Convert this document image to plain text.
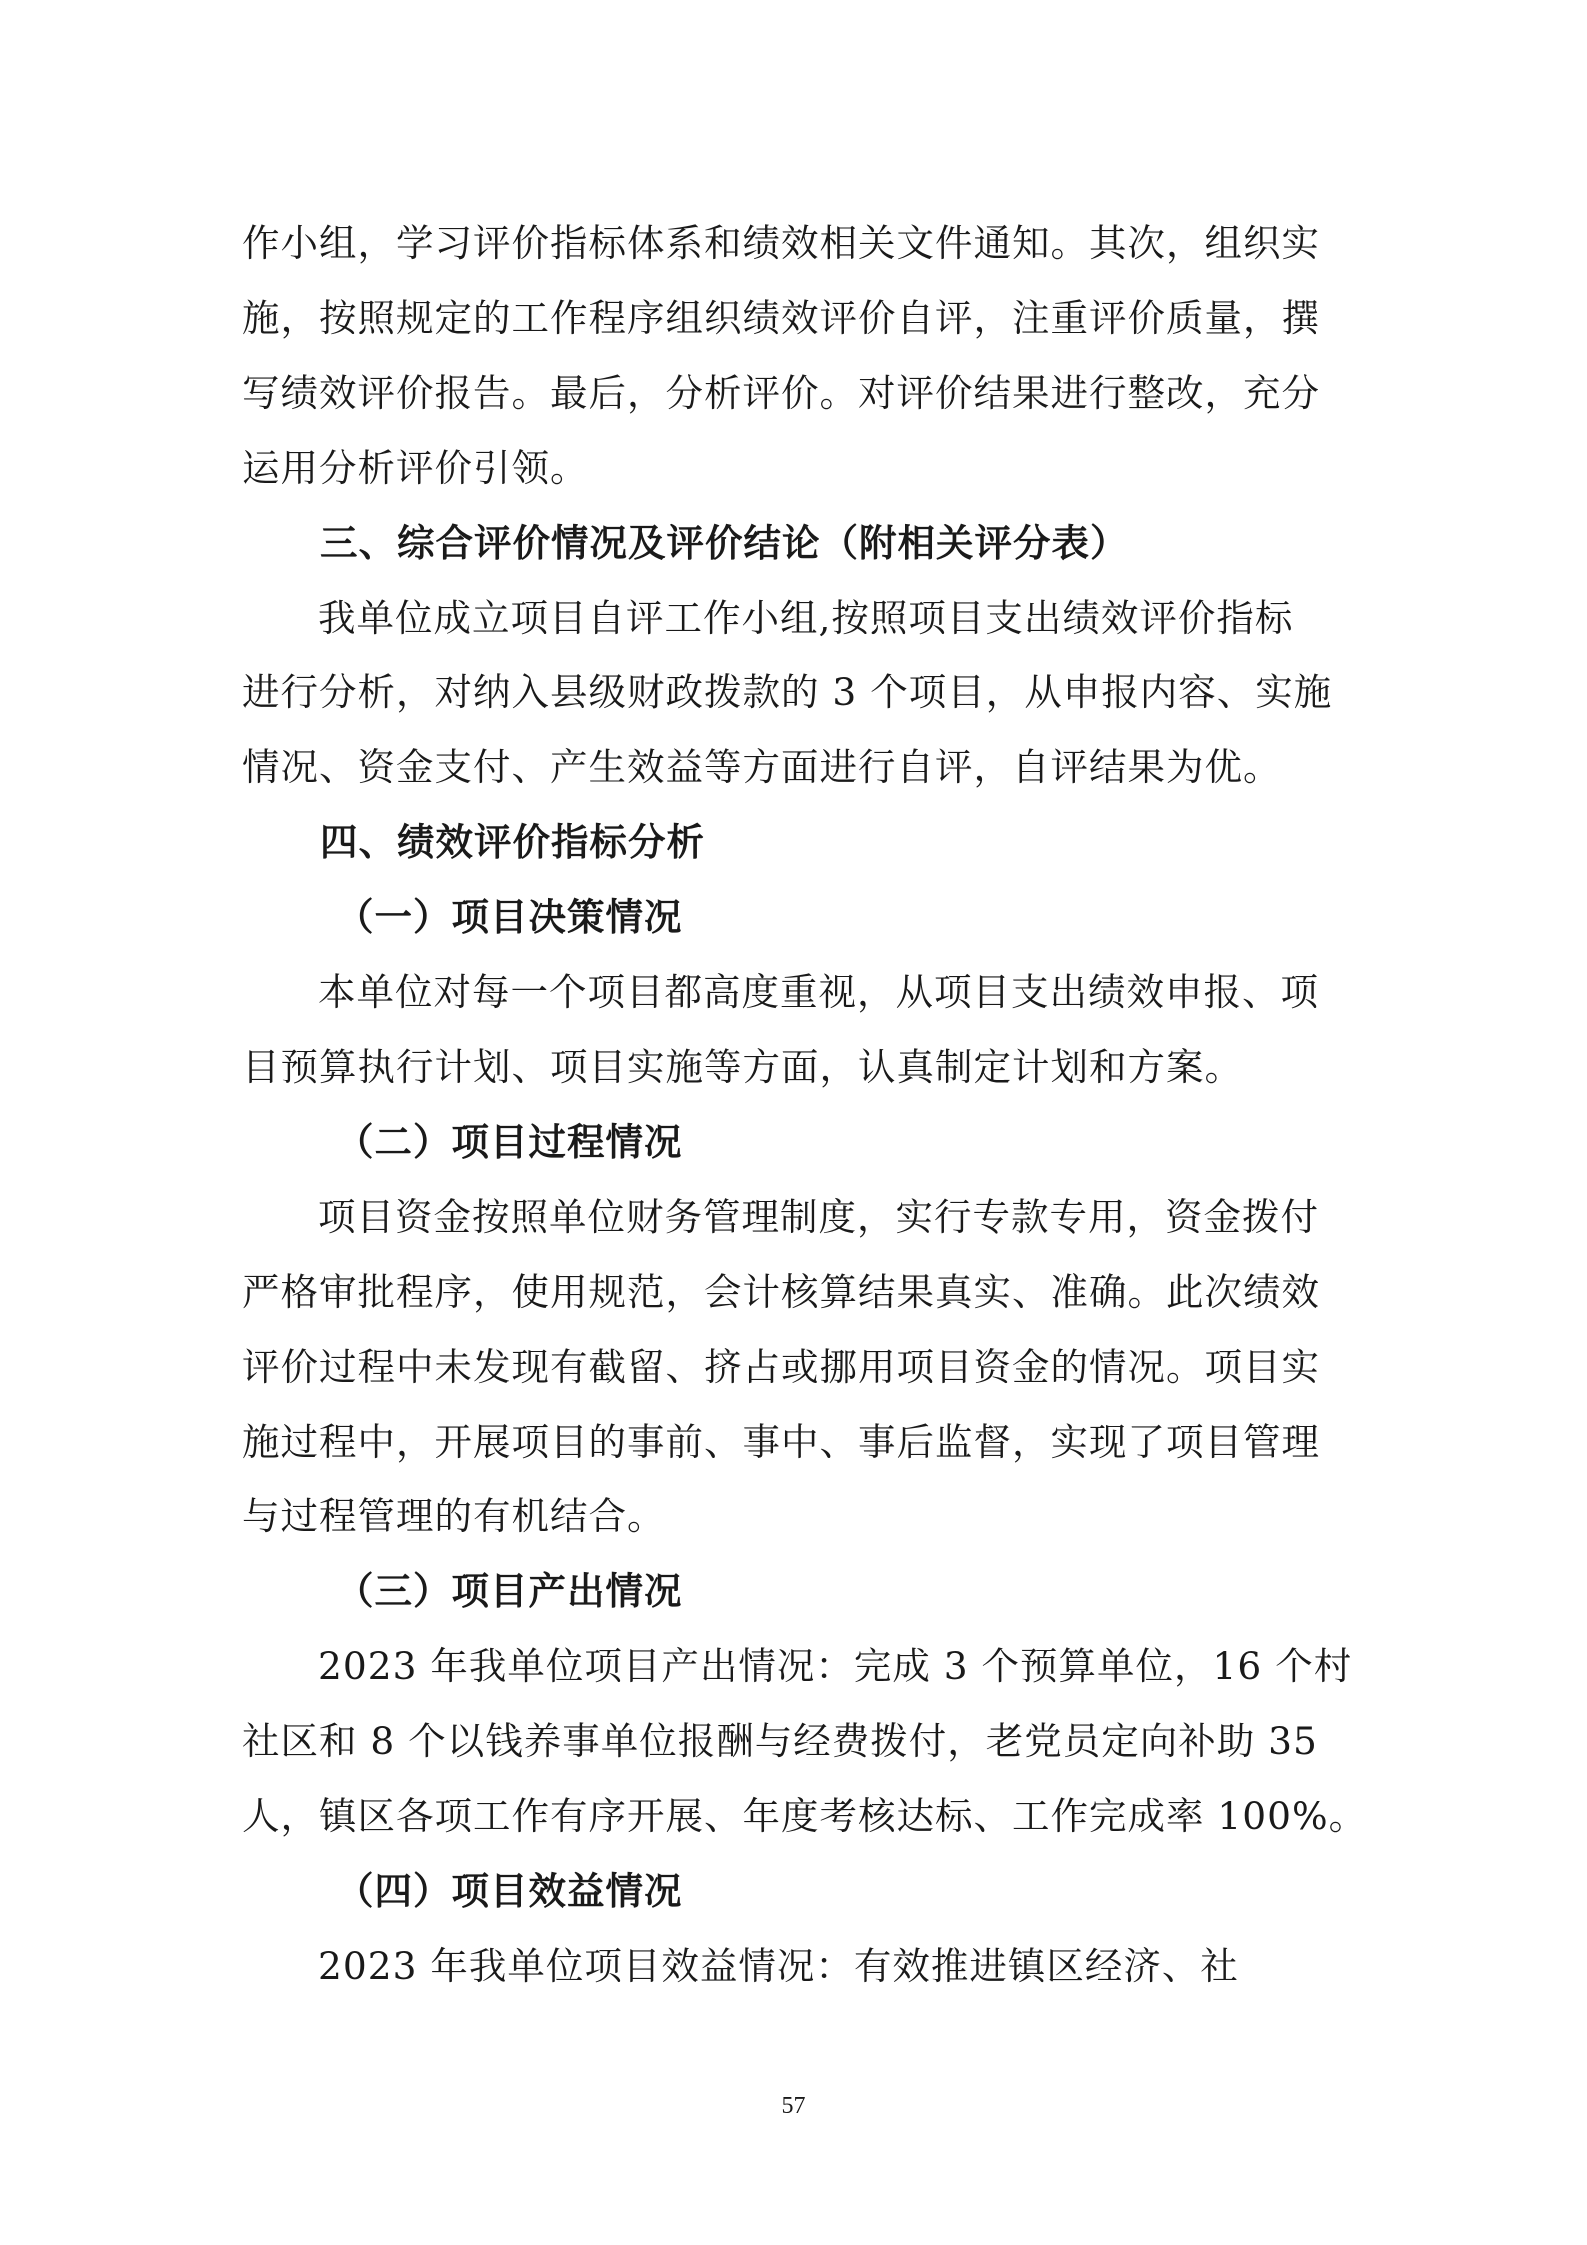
作小组，学习评价指标体系和绩效相关文件通知。其次，组织实
施，按照规定的工作程序组织绩效评价自评，注重评价质量，撰
写绩效评价报告。最后，分析评价。对评价结果进行整改，充分
运用分析评价引领。
三、综合评价情况及评价结论（附相关评分表）
我单位成立项目自评工作小组,按照项目支出绩效评价指标
进行分析，对纳入县级财政拨款的 3 个项目，从申报内容、实施
情况、资金支付、产生效益等方面进行自评，自评结果为优。
四、绩效评价指标分析
（一）项目决策情况
本单位对每一个项目都高度重视，从项目支出绩效申报、项
目预算执行计划、项目实施等方面，认真制定计划和方案。
（二）项目过程情况
项目资金按照单位财务管理制度，实行专款专用，资金拨付
严格审批程序，使用规范，会计核算结果真实、准确。此次绩效
评价过程中未发现有截留、挤占或挪用项目资金的情况。项目实
施过程中，开展项目的事前、事中、事后监督，实现了项目管理
与过程管理的有机结合。
（三）项目产出情况
2023 年我单位项目产出情况：完成 3 个预算单位，16 个村
社区和 8 个以钱养事单位报酬与经费拨付，老党员定向补助 35
人，镇区各项工作有序开展、年度考核达标、工作完成率 100%。
（四）项目效益情况
2023 年我单位项目效益情况：有效推进镇区经济、社
57
